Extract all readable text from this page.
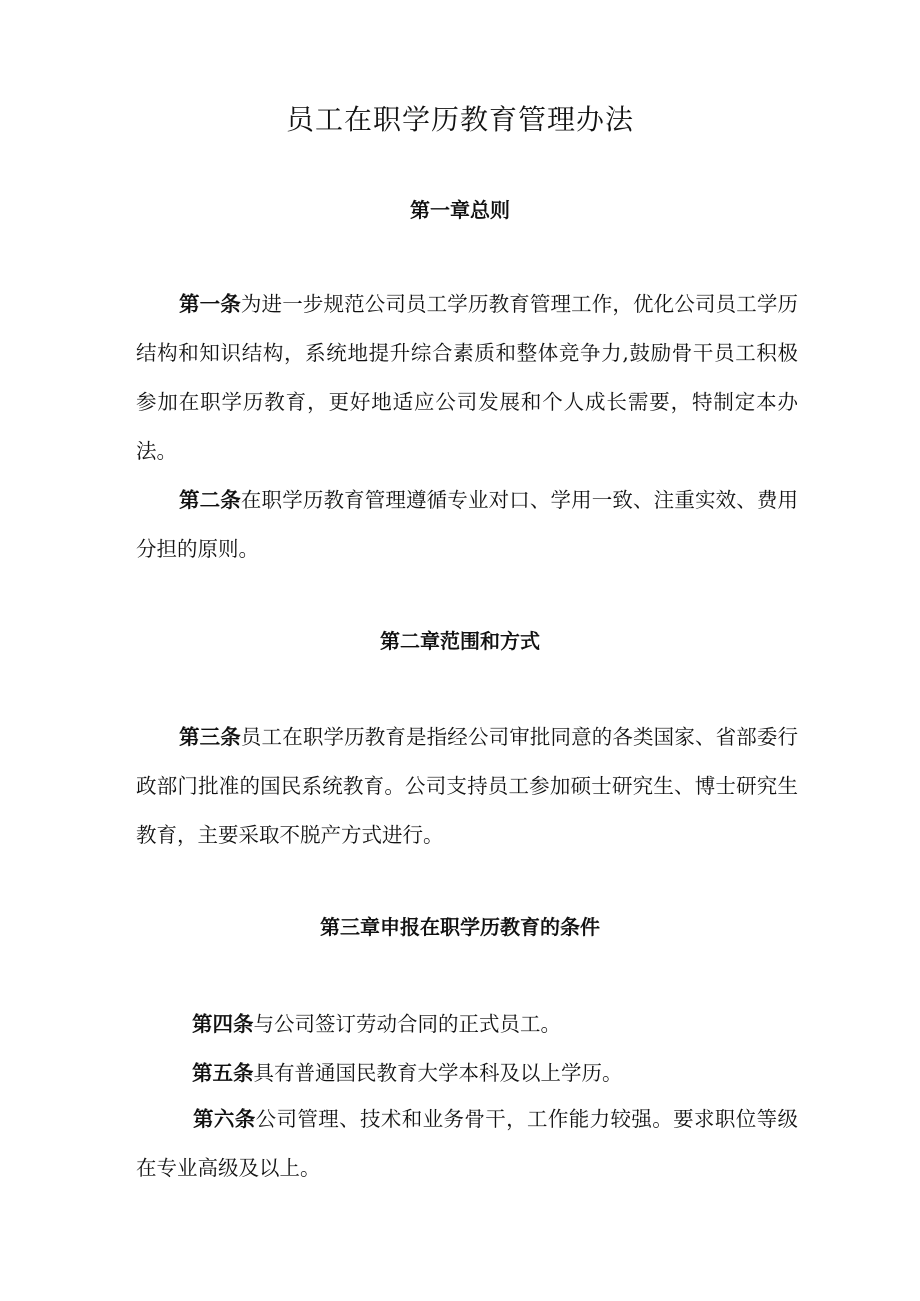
员工在职学历教育管理办法
第一章总则

第一条为进一步规范公司员工学历教育管理工作，优化公司员工学历结构和知识结构，系统地提升综合素质和整体竞争力,鼓励骨干员工积极参加在职学历教育，更好地适应公司发展和个人成长需要，特制定本办法。

第二条在职学历教育管理遵循专业对口、学用一致、注重实效、费用分担的原则。

第二章范围和方式

第三条员工在职学历教育是指经公司审批同意的各类国家、省部委行政部门批准的国民系统教育。公司支持员工参加硕士研究生、博士研究生教育，主要采取不脱产方式进行。

第三章申报在职学历教育的条件

第四条与公司签订劳动合同的正式员工。

第五条具有普通国民教育大学本科及以上学历。

第六条公司管理、技术和业务骨干，工作能力较强。要求职位等级在专业高级及以上。
